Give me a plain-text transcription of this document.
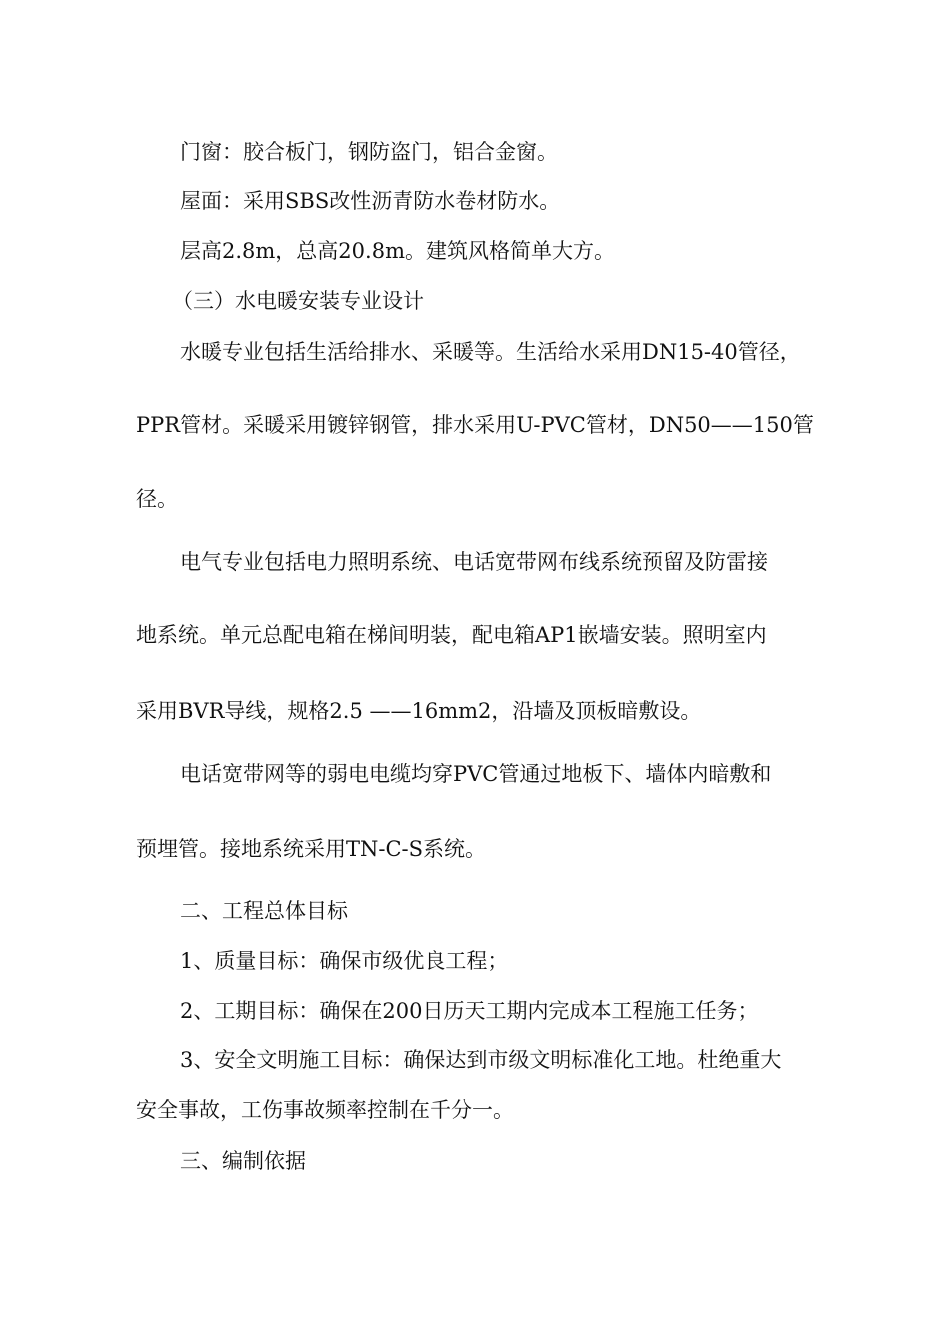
门窗：胶合板门，钢防盗门，铝合金窗。

屋面：采用SBS改性沥青防水卷材防水。

层高2.8m，总高20.8m。建筑风格简单大方。

（三）水电暖安装专业设计

水暖专业包括生活给排水、采暖等。生活给水采用DN15-40管径，

PPR管材。采暖采用镀锌钢管，排水采用U-PVC管材，DN50——150管

径。

电气专业包括电力照明系统、电话宽带网布线系统预留及防雷接

地系统。单元总配电箱在梯间明装，配电箱AP1嵌墙安装。照明室内

采用BVR导线，规格2.5 ——16mm2，沿墙及顶板暗敷设。

电话宽带网等的弱电电缆均穿PVC管通过地板下、墙体内暗敷和

预埋管。接地系统采用TN-C-S系统。

二、工程总体目标

1、质量目标：确保市级优良工程；

2、工期目标：确保在200日历天工期内完成本工程施工任务；

3、安全文明施工目标：确保达到市级文明标准化工地。杜绝重大

安全事故，工伤事故频率控制在千分一。

三、编制依据
